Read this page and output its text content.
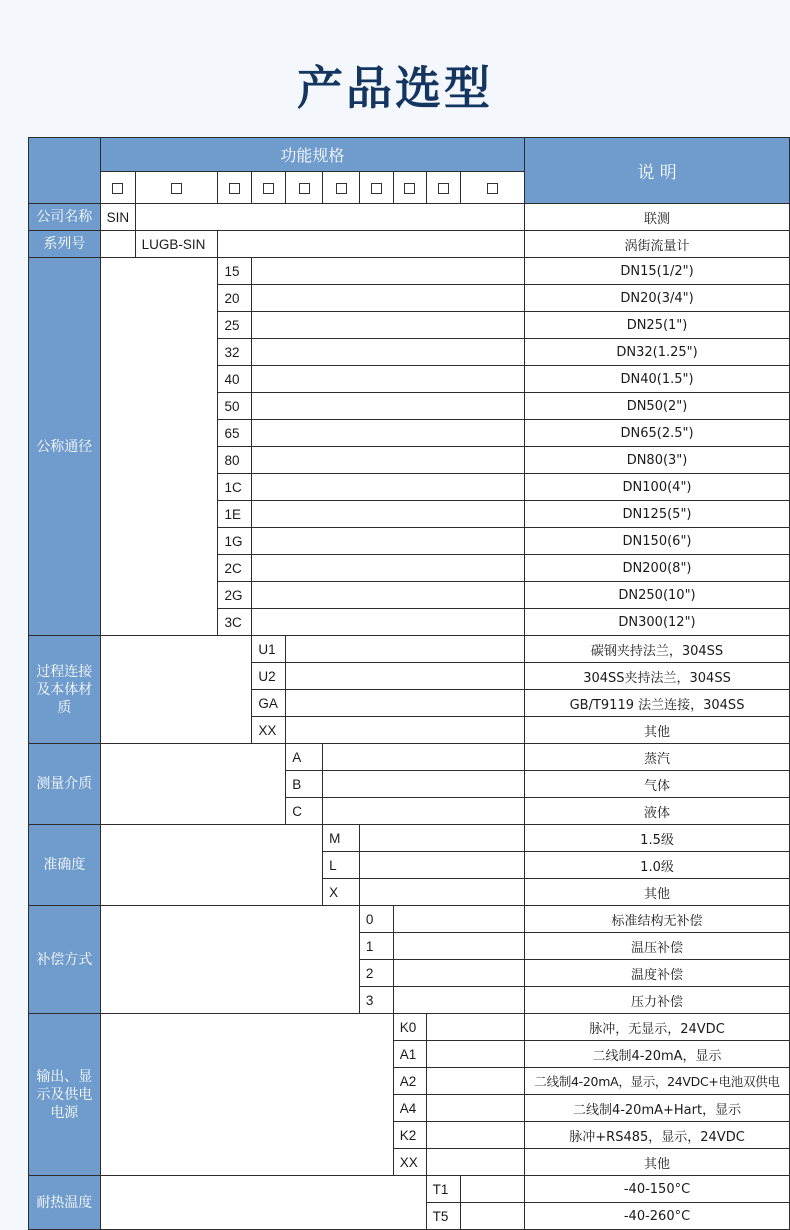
产品选型
	功能规格										说 明

公司名称	SIN										联测
系列号		LUGB-SIN									涡街流量计
公称通径			15								DN15(1/2")
			20								DN20(3/4")
			25								DN25(1")
			32								DN32(1.25")
			40								DN40(1.5")
			50								DN50(2")
			65								DN65(2.5")
			80								DN80(3")
			1C								DN100(4")
			1E								DN125(5")
			1G								DN150(6")
			2C								DN200(8")
			2G								DN250(10")
			3C								DN300(12")
过程连接及本体材质				U1							碳钢夹持法兰，304SS
				U2							304SS夹持法兰，304SS
				GA							GB/T9119 法兰连接，304SS
				XX							其他
测量介质					A						蒸汽
					B						气体
					C						液体
准确度						M					1.5级
						L					1.0级
						X					其他
补偿方式							0				标准结构无补偿
							1				温压补偿
							2				温度补偿
							3				压力补偿
输出、显示及供电电源								K0			脉冲，无显示，24VDC
								A1			二线制4-20mA，显示
								A2			二线制4-20mA，显示，24VDC+电池双供电
								A4			二线制4-20mA+Hart，显示
								K2			脉冲+RS485，显示，24VDC
								XX			其他
耐热温度									T1		-40-150°C
									T5		-40-260°C
